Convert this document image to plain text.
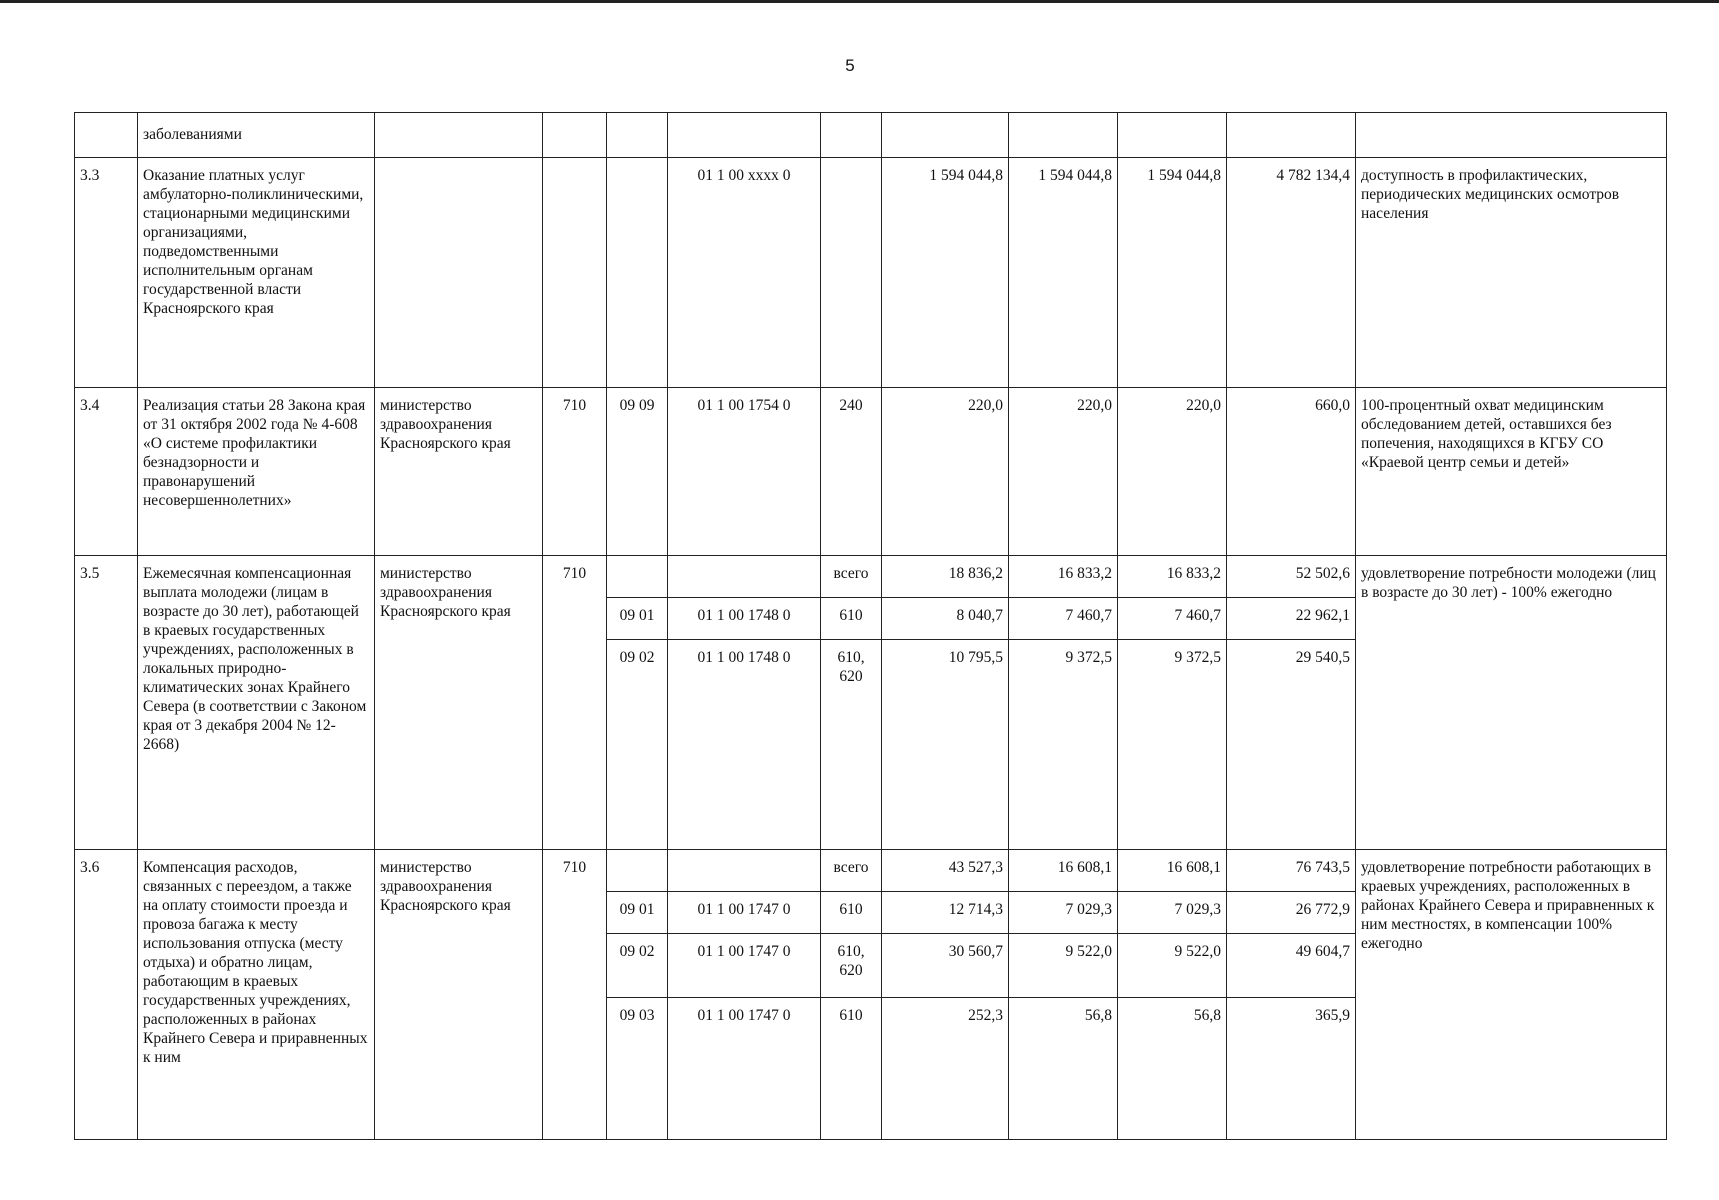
5
	заболеваниями										
3.3	Оказание платных услуг амбулаторно-поликлиническими, стационарными медицинскими организациями, подведомственными исполнительным органам государственной власти Красноярского края				01 1 00 хххх 0		1 594 044,8	1 594 044,8	1 594 044,8	4 782 134,4	доступность в профилактических, периодических медицинских осмотров населения
3.4	Реализация статьи 28 Закона края от 31 октября 2002 года № 4-608 «О системе профилактики безнадзорности и правонарушений несовершеннолетних»	министерство здравоохранения Красноярского края	710	09 09	01 1 00 1754 0	240	220,0	220,0	220,0	660,0	100-процентный охват медицинским обследованием детей, оставшихся без попечения, находящихся в КГБУ СО «Краевой центр семьи и детей»
3.5	Ежемесячная компенсационная выплата молодежи (лицам в возрасте до 30 лет), работающей в краевых государственных учреждениях, расположенных в локальных природно-климатических зонах Крайнего Севера (в соответствии с Законом края от 3 декабря 2004 № 12-2668)	министерство здравоохранения Красноярского края	710			всего	18 836,2	16 833,2	16 833,2	52 502,6	удовлетворение потребности молодежи (лиц в возрасте до 30 лет) - 100% ежегодно
				09 01	01 1 00 1748 0	610	8 040,7	7 460,7	7 460,7	22 962,1	
				09 02	01 1 00 1748 0	610, 620	10 795,5	9 372,5	9 372,5	29 540,5	
3.6	Компенсация расходов, связанных с переездом, а также на оплату стоимости проезда и провоза багажа к месту использования отпуска (месту отдыха) и обратно лицам, работающим в краевых государственных учреждениях, расположенных в районах Крайнего Севера и приравненных к ним	министерство здравоохранения Красноярского края	710			всего	43 527,3	16 608,1	16 608,1	76 743,5	удовлетворение потребности работающих в краевых учреждениях, расположенных в районах Крайнего Севера и приравненных к ним местностях, в компенсации 100% ежегодно
				09 01	01 1 00 1747 0	610	12 714,3	7 029,3	7 029,3	26 772,9	
				09 02	01 1 00 1747 0	610, 620	30 560,7	9 522,0	9 522,0	49 604,7	
				09 03	01 1 00 1747 0	610	252,3	56,8	56,8	365,9	
